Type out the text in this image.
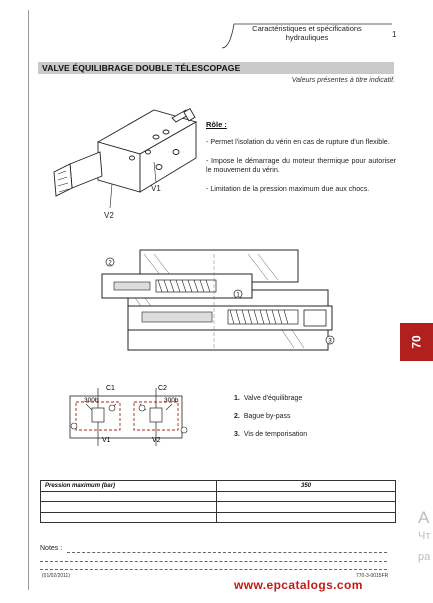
Caractéristiques et spécifications
hydrauliques	1
VALVE ÉQUILIBRAGE DOUBLE TÉLESCOPAGE
Valeurs présentes à titre indicatif.
V1
V2
Rôle :
- Permet l'isolation du vérin en cas de rupture d'un flexible.
- Impose le démarrage du moteur thermique pour autoriser le mouvement du vérin.
- Limitation de la pression maximum due aux chocs.
2
1
3	70
C1	C2
300b	300b
V1	V2
1. Valve d'équilibrage
2. Bague by-pass
3. Vis de temporisation
Pression maximum (bar)	350

Notes :
(01/02/2011)	770-3-0015FR
www.epcatalogs.com
A
Чт
ра
